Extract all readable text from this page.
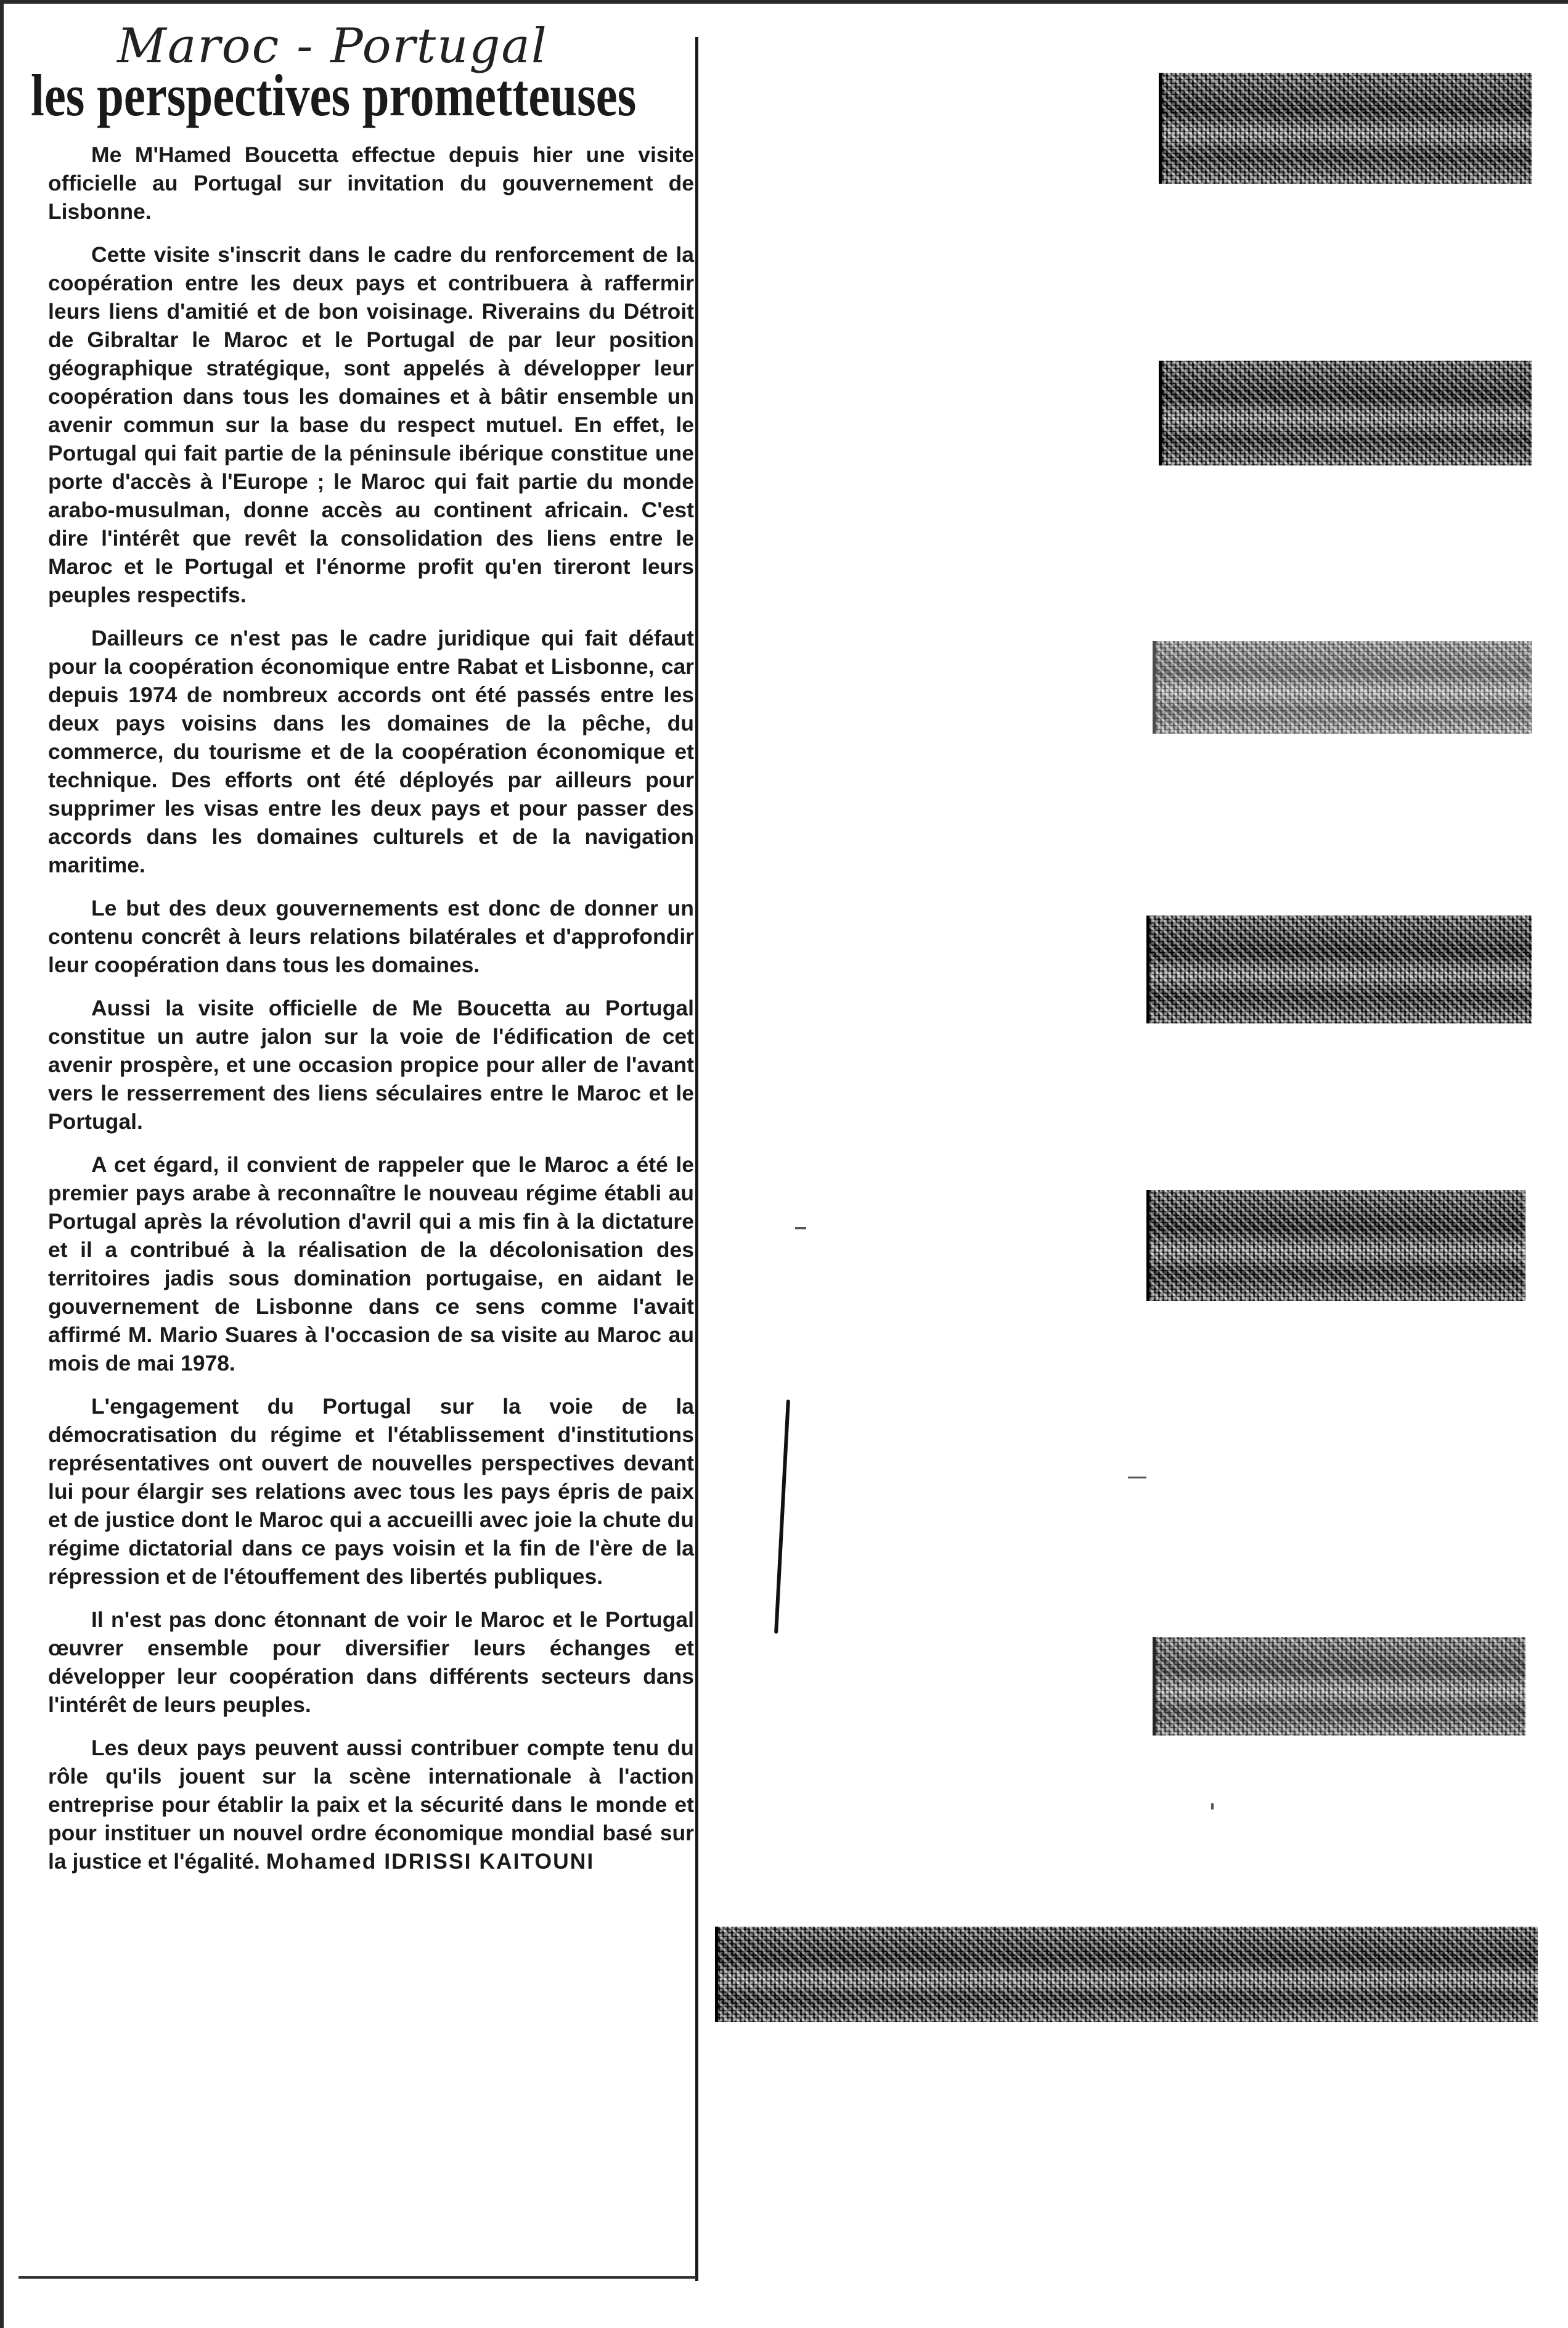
Maroc - Portugal
les perspectives prometteuses

Me M'Hamed Boucetta effectue depuis hier une visite officielle au Portugal sur invitation du gouvernement de Lisbonne.

Cette visite s'inscrit dans le cadre du renforcement de la coopération entre les deux pays et contribuera à raffermir leurs liens d'amitié et de bon voisinage. Riverains du Détroit de Gibraltar le Maroc et le Portugal de par leur position géographique stratégique, sont appelés à développer leur coopération dans tous les domaines et à bâtir ensemble un avenir commun sur la base du respect mutuel. En effet, le Portugal qui fait partie de la péninsule ibérique constitue une porte d'accès à l'Europe ; le Maroc qui fait partie du monde arabo-musulman, donne accès au continent africain. C'est dire l'intérêt que revêt la consolidation des liens entre le Maroc et le Portugal et l'énorme profit qu'en tireront leurs peuples respectifs.

Dailleurs ce n'est pas le cadre juridique qui fait défaut pour la coopération économique entre Rabat et Lisbonne, car depuis 1974 de nombreux accords ont été passés entre les deux pays voisins dans les domaines de la pêche, du commerce, du tourisme et de la coopération économique et technique. Des efforts ont été déployés par ailleurs pour supprimer les visas entre les deux pays et pour passer des accords dans les domaines culturels et de la navigation maritime.

Le but des deux gouvernements est donc de donner un contenu concrêt à leurs relations bilatérales et d'approfondir leur coopération dans tous les domaines.

Aussi la visite officielle de Me Boucetta au Portugal constitue un autre jalon sur la voie de l'édification de cet avenir prospère, et une occasion propice pour aller de l'avant vers le resserrement des liens séculaires entre le Maroc et le Portugal.

A cet égard, il convient de rappeler que le Maroc a été le premier pays arabe à reconnaître le nouveau régime établi au Portugal après la révolution d'avril qui a mis fin à la dictature et il a contribué à la réalisation de la décolonisation des territoires jadis sous domination portugaise, en aidant le gouvernement de Lisbonne dans ce sens comme l'avait affirmé M. Mario Suares à l'occasion de sa visite au Maroc au mois de mai 1978.

L'engagement du Portugal sur la voie de la démocratisation du régime et l'établissement d'institutions représentatives ont ouvert de nouvelles perspectives devant lui pour élargir ses relations avec tous les pays épris de paix et de justice dont le Maroc qui a accueilli avec joie la chute du régime dictatorial dans ce pays voisin et la fin de l'ère de la répression et de l'étouffement des libertés publiques.

Il n'est pas donc étonnant de voir le Maroc et le Portugal œuvrer ensemble pour diversifier leurs échanges et développer leur coopération dans différents secteurs dans l'intérêt de leurs peuples.

Les deux pays peuvent aussi contribuer compte tenu du rôle qu'ils jouent sur la scène internationale à l'action entreprise pour établir la paix et la sécurité dans le monde et pour instituer un nouvel ordre économique mondial basé sur la justice et l'égalité. Mohamed IDRISSI KAITOUNI
